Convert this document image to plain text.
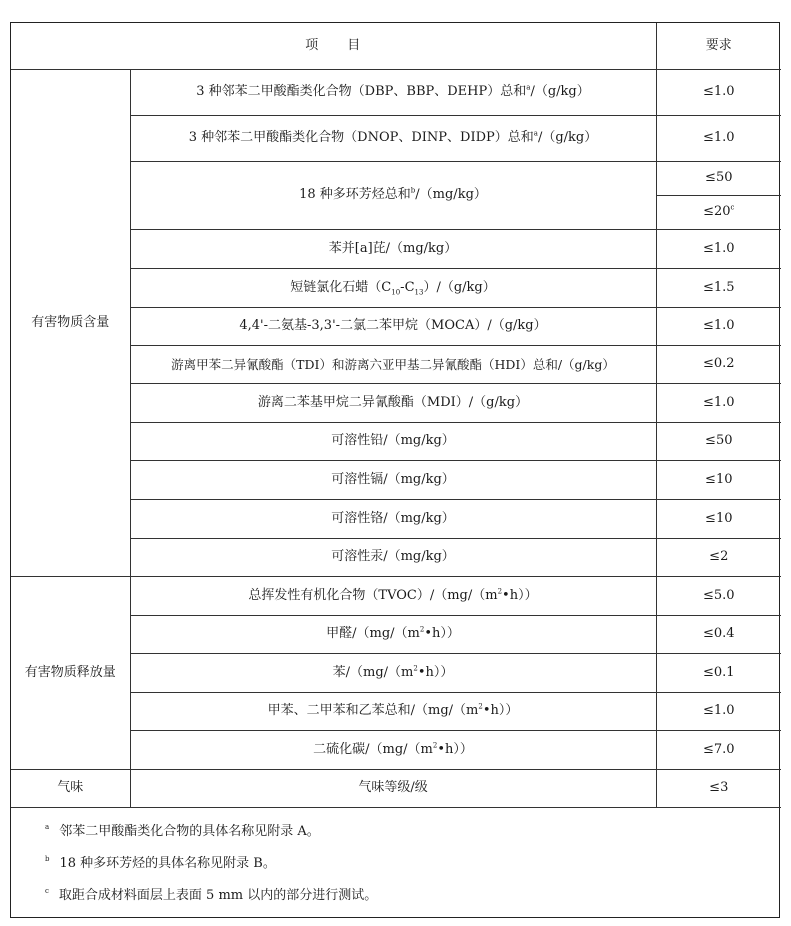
项　　目		要求
有害物质含量	3 种邻苯二甲酸酯类化合物（DBP、BBP、DEHP）总和$^a$/（g/kg）	≤1.0
	3 种邻苯二甲酸酯类化合物（DNOP、DINP、DIDP）总和$^a$/（g/kg）	≤1.0
	18 种多环芳烃总和$^b$/（mg/kg）	≤50
		$\le 20^c$
	苯并[a]芘/（mg/kg）	≤1.0
	短链氯化石蜡$(C_{10}-C_{13})/(g/kg)$	≤1.5
	4,4'-二氨基-3,3'-二氯二苯甲烷（MOCA）/（g/kg）	≤1.0
	游离甲苯二异氰酸酯（TDI）和游离六亚甲基二异氰酸酯（HDI）总和/（g/kg）	≤0.2
	游离二苯基甲烷二异氰酸酯（MDI）/（g/kg）	≤1.0
	可溶性铅/（mg/kg）	≤50
	可溶性镉/（mg/kg）	≤10
	可溶性铬/（mg/kg）	≤10
	可溶性汞/（mg/kg）	≤2
有害物质释放量	总挥发性有机化合物$(TVOC)/(mg/(m^2•h))$	≤5.0
	甲醛$/(mg/(m^2•h))$	≤0.4
	苯$/(mg/(m^2•h))$	≤0.1
	甲苯、二甲苯和乙苯总和$/(mg/(m^2•h))$	≤1.0
	二硫化碳$/(mg/(m^2•h))$	≤7.0
气味	气味等级/级	≤3
$^a$ 邻苯二甲酸酯类化合物的具体名称见附录 A。
$^b$ 18 种多环芳烃的具体名称见附录 B。
$^c$ 取距合成材料面层上表面 5 mm 以内的部分进行测试。
